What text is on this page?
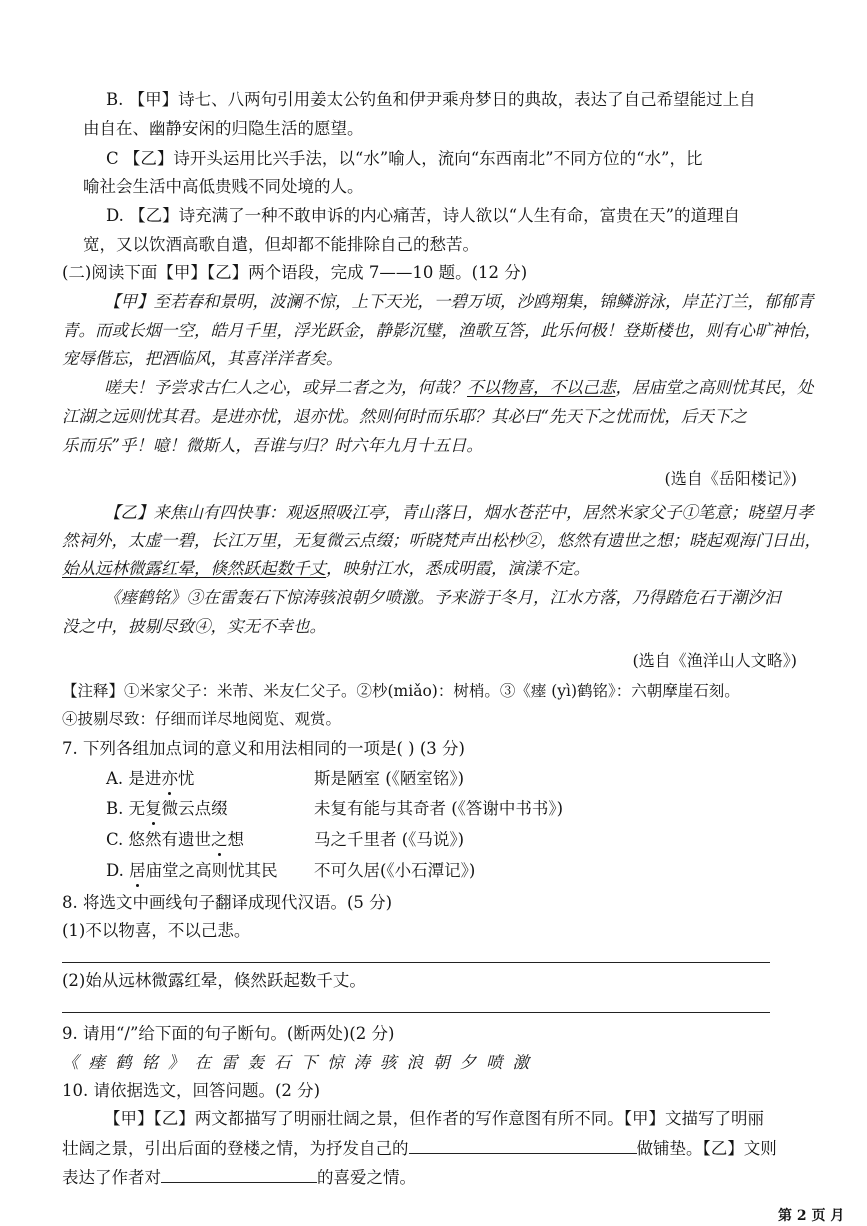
B. 【甲】诗七、八两句引用姜太公钓鱼和伊尹乘舟梦日的典故，表达了自己希望能过上自
由自在、幽静安闲的归隐生活的愿望。
C 【乙】诗开头运用比兴手法，以“水”喻人，流向“东西南北”不同方位的“水”，比
喻社会生活中高低贵贱不同处境的人。
D. 【乙】诗充满了一种不敢申诉的内心痛苦，诗人欲以“人生有命，富贵在天”的道理自
宽，又以饮酒高歌自遣，但却都不能排除自己的愁苦。
(二)阅读下面【甲】【乙】两个语段，完成 7——10 题。(12 分)
【甲】至若春和景明，波澜不惊，上下天光，一碧万顷，沙鸥翔集，锦鳞游泳，岸芷汀兰，郁郁青
青。而或长烟一空，皓月千里，浮光跃金，静影沉璧，渔歌互答，此乐何极！登斯楼也，则有心旷神怡，
宠辱偕忘，把酒临风，其喜洋洋者矣。
嗟夫！予尝求古仁人之心，或异二者之为，何哉？不以物喜，不以己悲，居庙堂之高则忧其民，处
江湖之远则忧其君。是进亦忧，退亦忧。然则何时而乐耶？其必曰“先天下之忧而忧，后天下之
乐而乐”乎！噫！微斯人，吾谁与归？时六年九月十五日。
(选自《岳阳楼记》)
【乙】来焦山有四快事：观返照吸江亭，青山落日，烟水苍茫中，居然米家父子①笔意；晓望月孝
然祠外，太虚一碧，长江万里，无复微云点缀；听晓梵声出松杪②，悠然有遗世之想；晓起观海门日出，
始从远林微露红晕，倏然跃起数千丈，映射江水，悉成明霞，演漾不定。
《瘗鹤铭》③在雷轰石下惊涛骇浪朝夕喷激。予来游于冬月，江水方落，乃得踏危石于潮汐汩
没之中，披剔尽致④，实无不幸也。
(选自《渔洋山人文略》)
【注释】①米家父子：米芾、米友仁父子。②杪(miǎo)：树梢。③《瘗 (yì)鹤铭》：六朝摩崖石刻。
④披剔尽致：仔细而详尽地阅览、观赏。
7. 下列各组加点词的意义和用法相同的一项是( ) (3 分)
A. 是进亦忧	斯是陋室 (《陋室铭》)
B. 无复微云点缀	未复有能与其奇者 (《答谢中书书》)
C. 悠然有遗世之想	马之千里者 (《马说》)
D. 居庙堂之高则忧其民 不可久居(《小石潭记》)
8. 将选文中画线句子翻译成现代汉语。(5 分)
(1)不以物喜，不以己悲。
(2)始从远林微露红晕，倏然跃起数千丈。
9. 请用“/”给下面的句子断句。(断两处)(2 分)
《瘗鹤铭》在雷轰石下惊涛骇浪朝夕喷激
10. 请依据选文，回答问题。(2 分)
【甲】【乙】两文都描写了明丽壮阔之景，但作者的写作意图有所不同。【甲】文描写了明丽
壮阔之景，引出后面的登楼之情，为抒发自己的	做铺垫。【乙】文则
表达了作者对	的喜爱之情。
第 2 页 月
